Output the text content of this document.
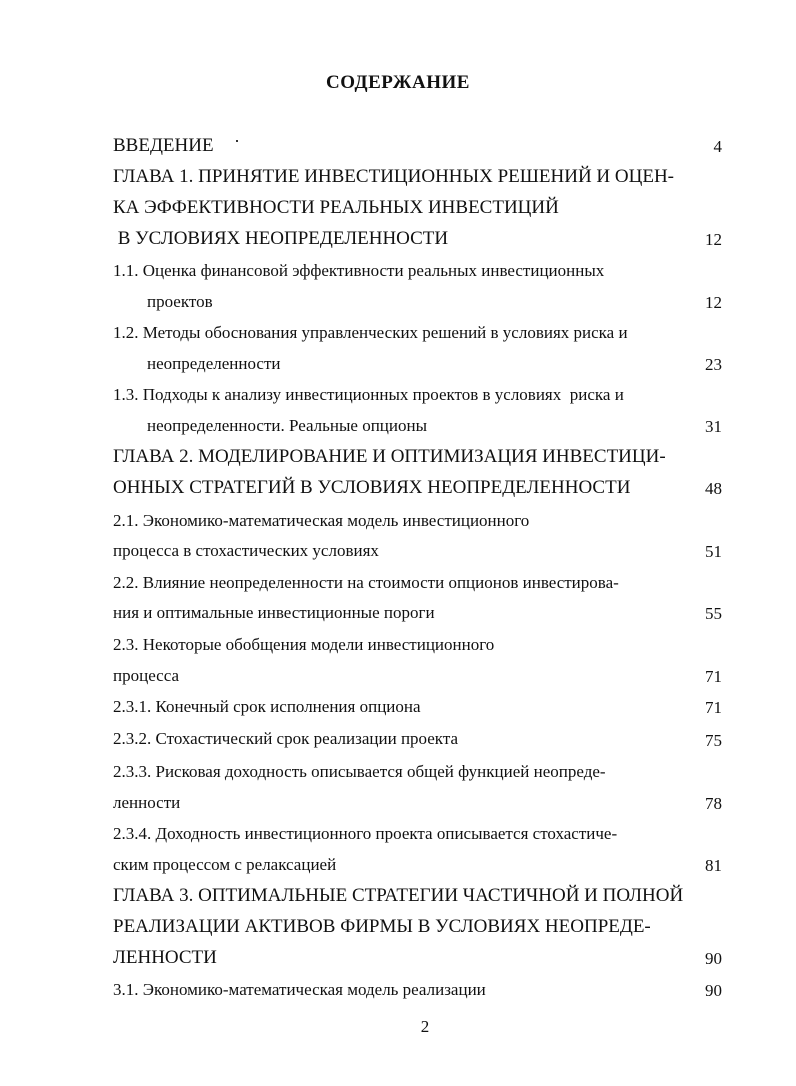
СОДЕРЖАНИЕ
ВВЕДЕНИЕ	4
ГЛАВА 1. ПРИНЯТИЕ ИНВЕСТИЦИОННЫХ РЕШЕНИЙ И ОЦЕН-
КА ЭФФЕКТИВНОСТИ РЕАЛЬНЫХ ИНВЕСТИЦИЙ
В УСЛОВИЯХ НЕОПРЕДЕЛЕННОСТИ	12
1.1. Оценка финансовой эффективности реальных инвестиционных
проектов	12
1.2. Методы обоснования управленческих решений в условиях риска и
неопределенности	23
1.3. Подходы к анализу инвестиционных проектов в условиях  риска и
неопределенности. Реальные опционы	31
ГЛАВА 2. МОДЕЛИРОВАНИЕ И ОПТИМИЗАЦИЯ ИНВЕСТИЦИ-
ОННЫХ СТРАТЕГИЙ В УСЛОВИЯХ НЕОПРЕДЕЛЕННОСТИ	48
2.1. Экономико-математическая модель инвестиционного
процесса в стохастических условиях	51
2.2. Влияние неопределенности на стоимости опционов инвестирова-
ния и оптимальные инвестиционные пороги	55
2.3. Некоторые обобщения модели инвестиционного
процесса	71
2.3.1. Конечный срок исполнения опциона	71
2.3.2. Стохастический срок реализации проекта	75
2.3.3. Рисковая доходность описывается общей функцией неопреде-
ленности	78
2.3.4. Доходность инвестиционного проекта описывается стохастиче-
ским процессом с релаксацией	81
ГЛАВА 3. ОПТИМАЛЬНЫЕ СТРАТЕГИИ ЧАСТИЧНОЙ И ПОЛНОЙ
РЕАЛИЗАЦИИ АКТИВОВ ФИРМЫ В УСЛОВИЯХ НЕОПРЕДЕ-
ЛЕННОСТИ	90
3.1. Экономико-математическая модель реализации	90
2
